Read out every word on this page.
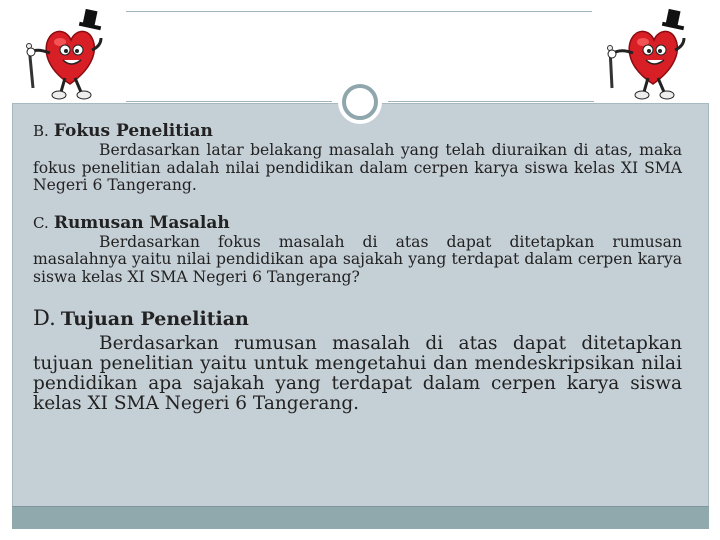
B. Fokus Penelitian

Berdasarkan latar belakang masalah yang telah diuraikan di atas, maka fokus penelitian adalah nilai pendidikan dalam cerpen karya siswa kelas XI SMA Negeri 6 Tangerang.

C. Rumusan Masalah

Berdasarkan fokus masalah di atas dapat ditetapkan rumusan masalahnya yaitu nilai pendidikan apa sajakah yang terdapat dalam cerpen karya siswa kelas XI SMA Negeri 6 Tangerang?

D. Tujuan Penelitian

Berdasarkan rumusan masalah di atas dapat ditetapkan tujuan penelitian yaitu untuk mengetahui dan mendeskripsikan nilai pendidikan apa sajakah yang terdapat dalam cerpen karya siswa kelas XI SMA Negeri 6 Tangerang.
